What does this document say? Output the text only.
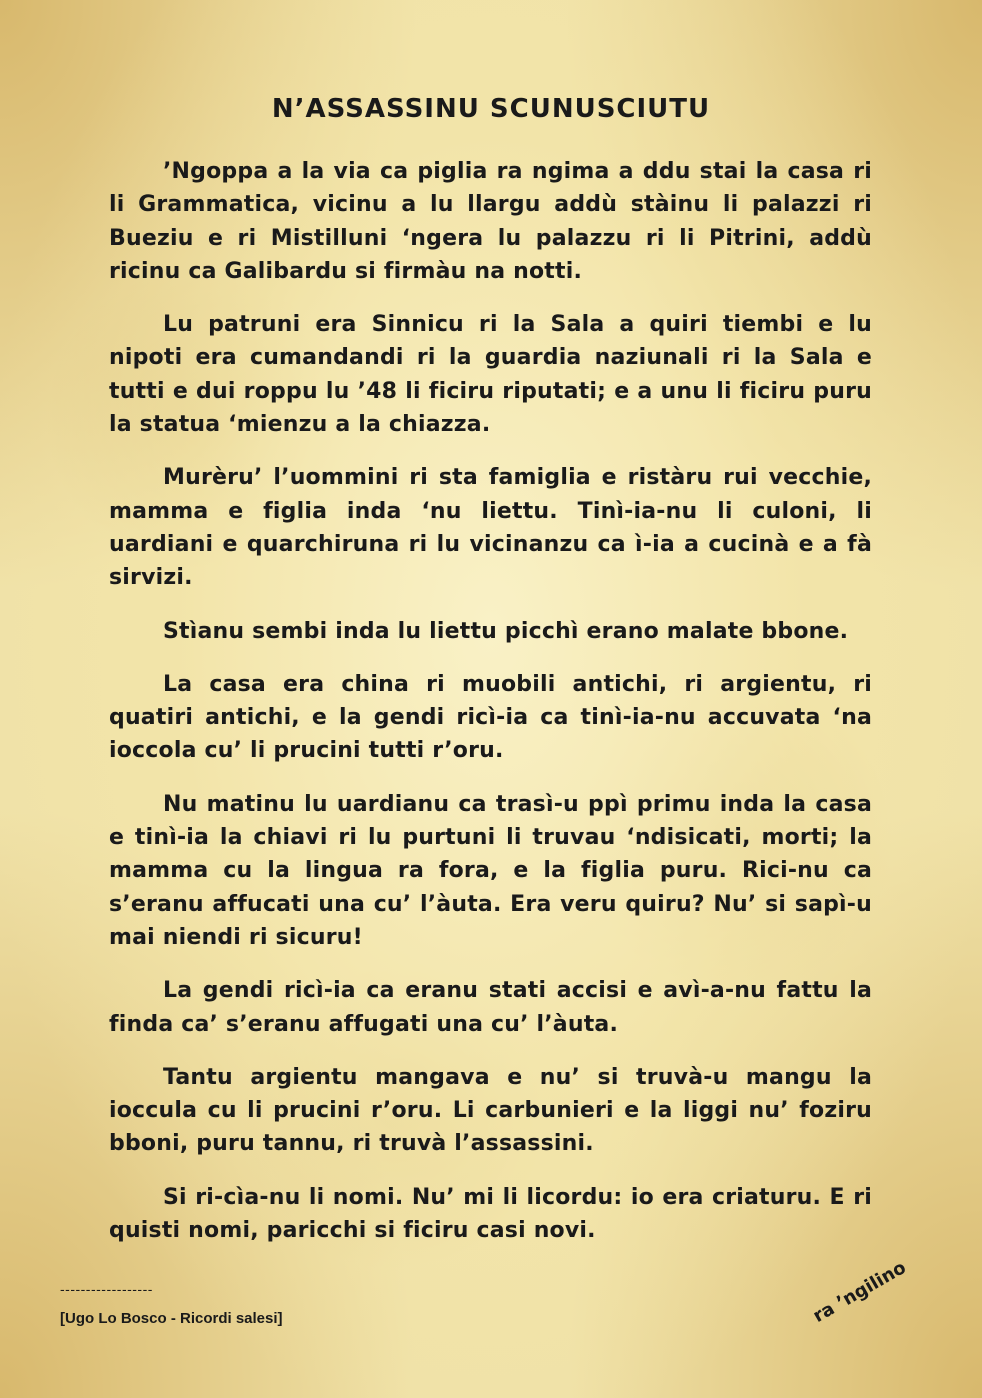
N’ASSASSINU SCUNUSCIUTU

’Ngoppa a la via ca piglia ra ngima a ddu stai la casa ri li Grammatica, vicinu a lu llargu addù stàinu li palazzi ri Bueziu e ri Mistilluni ‘ngera lu palazzu ri li Pitrini, addù ricinu ca Galibardu si firmàu na notti.

Lu patruni era Sinnicu ri la Sala a quiri tiembi e lu nipoti era cumandandi ri la guardia naziunali ri la Sala e tutti e dui roppu lu ’48 li ficiru riputati; e a unu li ficiru puru la statua ‘mienzu a la chiazza.

Murèru’ l’uommini ri sta famiglia e ristàru rui vecchie, mamma e figlia inda ‘nu liettu. Tinì-ia-nu li culoni, li uardiani e quarchiruna ri lu vicinanzu ca ì-ia a cucinà e a fà sirvizi.

Stìanu sembi inda lu liettu picchì erano malate bbone.

La casa era china ri muobili antichi, ri argientu, ri quatiri antichi, e la gendi ricì-ia ca tinì-ia-nu accuvata ‘na ioccola cu’ li prucini tutti r’oru.

Nu matinu lu uardianu ca trasì-u ppì primu inda la casa e tinì-ia la chiavi ri lu purtuni li truvau ‘ndisicati, morti; la mamma cu la lingua ra fora, e la figlia puru. Rici-nu ca s’eranu affucati una cu’ l’àuta. Era veru quiru? Nu’ si sapì-u mai niendi ri sicuru!

La gendi ricì-ia ca eranu stati accisi e avì-a-nu fattu la finda ca’ s’eranu affugati una cu’ l’àuta.

Tantu argientu mangava e nu’ si truvà-u mangu la ioccula cu li prucini r’oru. Li carbunieri e la liggi nu’ foziru bboni, puru tannu, ri truvà l’assassini.

Si ri-cìa-nu li nomi. Nu’ mi li licordu: io era criaturu. E ri quisti nomi, paricchi si ficiru casi novi.

------------------
[Ugo Lo Bosco - Ricordi salesi]	ra ’ngilino
